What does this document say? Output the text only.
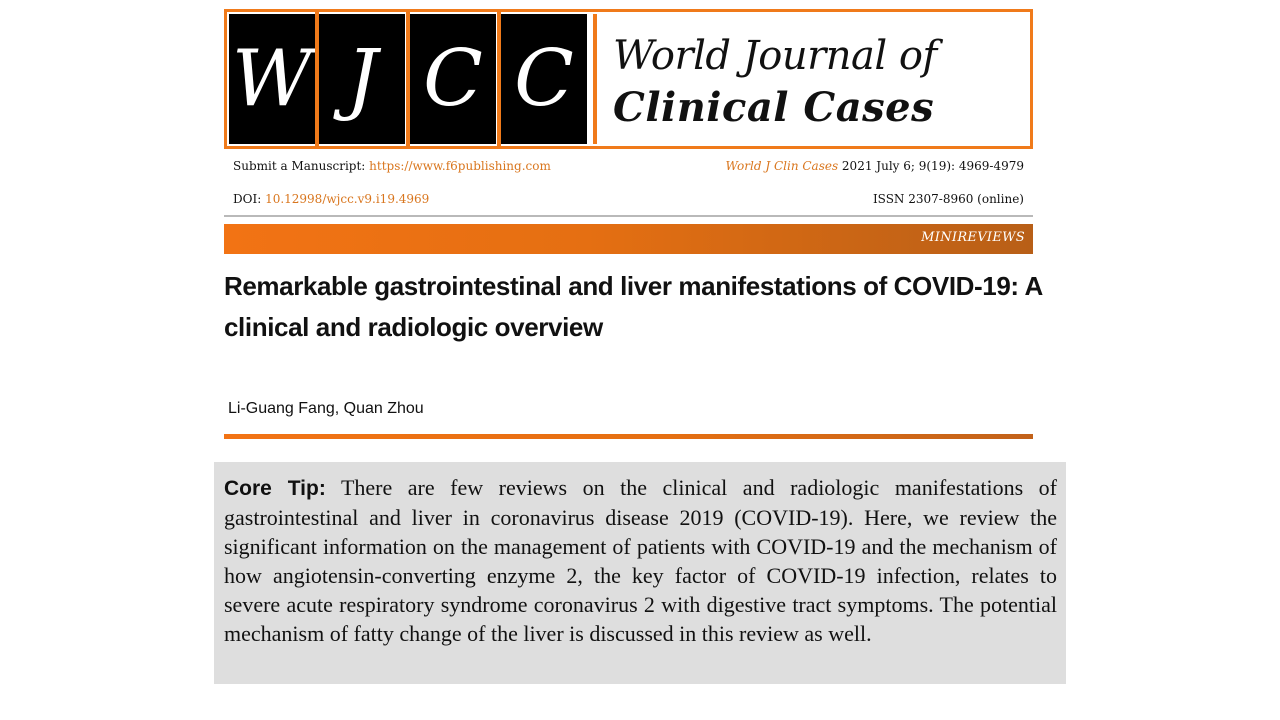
W J C C World Journal of
Clinical Cases
Submit a Manuscript: https://www.f6publishing.com	World J Clin Cases 2021 July 6; 9(19): 4969-4979
DOI: 10.12998/wjcc.v9.i19.4969	ISSN 2307-8960 (online)
MINIREVIEWS
Remarkable gastrointestinal and liver manifestations of COVID-19: A clinical and radiologic overview
Li-Guang Fang, Quan Zhou

Core Tip: There are few reviews on the clinical and radiologic manifestations of gastrointestinal and liver in coronavirus disease 2019 (COVID-19). Here, we review the significant information on the management of patients with COVID-19 and the mechanism of how angiotensin-converting enzyme 2, the key factor of COVID-19 infection, relates to severe acute respiratory syndrome coronavirus 2 with digestive tract symptoms. The potential mechanism of fatty change of the liver is discussed in this review as well.
